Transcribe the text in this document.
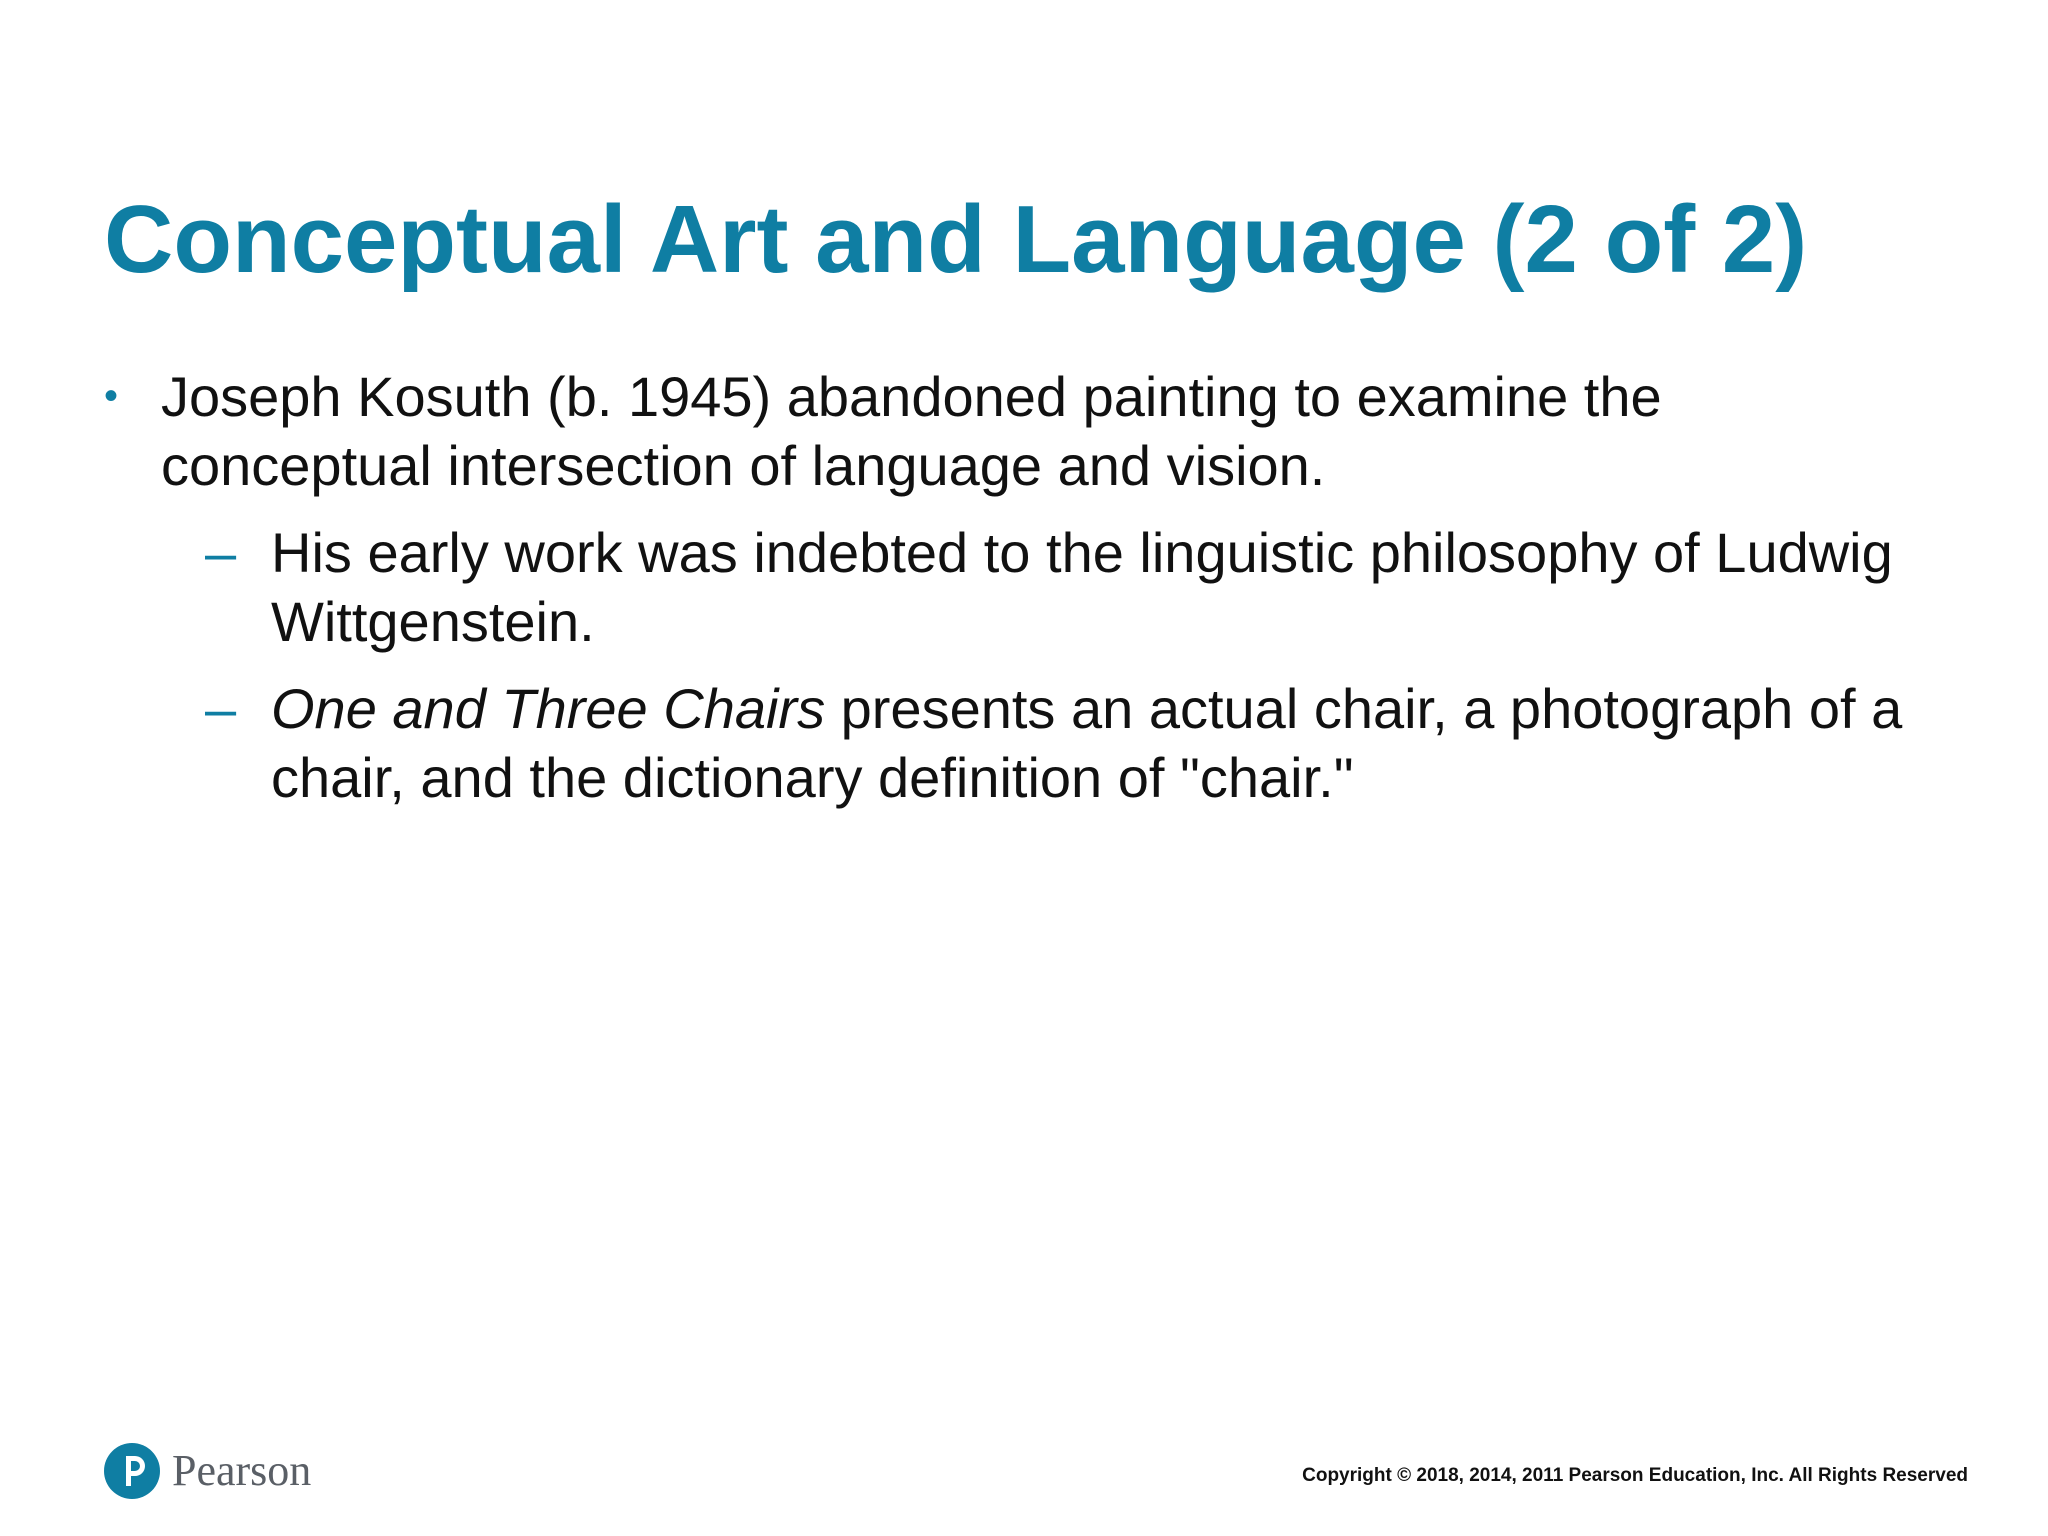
Conceptual Art and Language (2 of 2)
• Joseph Kosuth (b. 1945) abandoned painting to examine the conceptual intersection of language and vision.
– His early work was indebted to the linguistic philosophy of Ludwig Wittgenstein.
– One and Three Chairs presents an actual chair, a photograph of a chair, and the dictionary definition of "chair."
Pearson	Copyright © 2018, 2014, 2011 Pearson Education, Inc. All Rights Reserved
